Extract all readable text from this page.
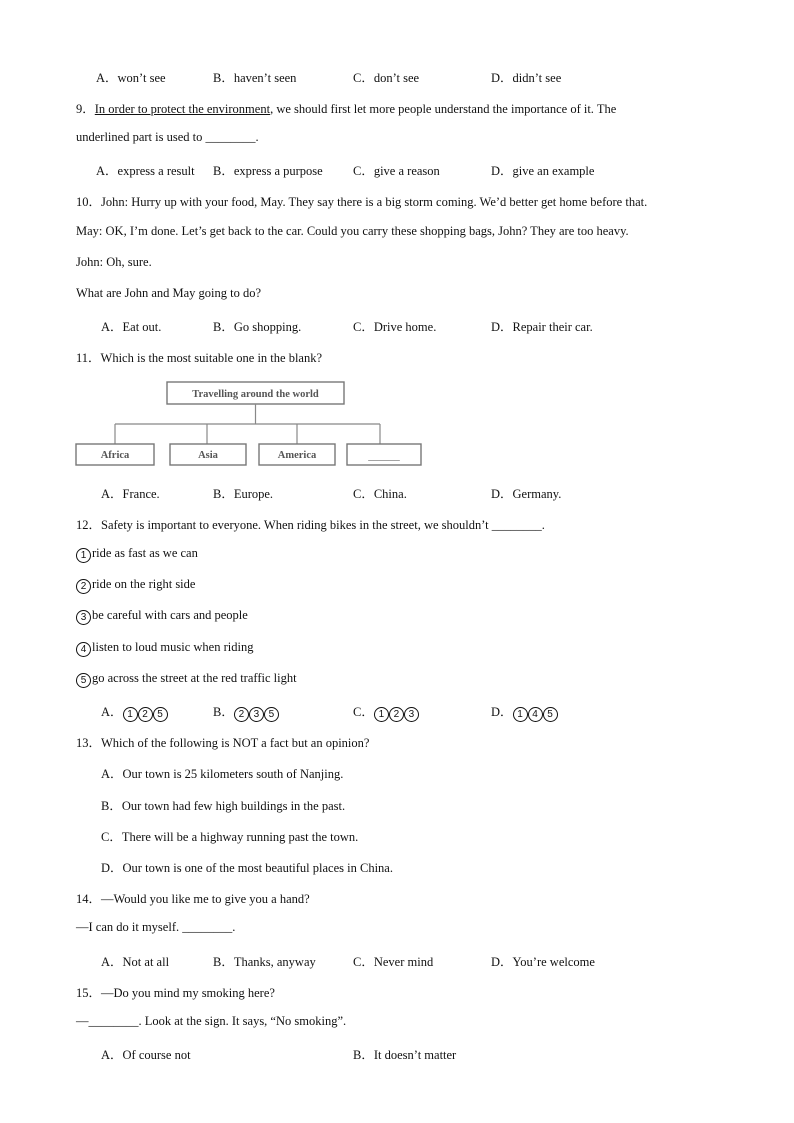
A．won’t see	B．haven’t seen	C．don’t see	D．didn’t see
9．In order to protect the environment, we should first let more people understand the importance of it. The
underlined part is used to ________.
A．express a result B．express a purpose C．give a reason	D．give an example
10．John: Hurry up with your food, May. They say there is a big storm coming. We’d better get home before that.
May: OK, I’m done. Let’s get back to the car. Could you carry these shopping bags, John? They are too heavy.
John: Oh, sure.
What are John and May going to do?
A．Eat out.	B．Go shopping.	C．Drive home.	D．Repair their car.
11．Which is the most suitable one in the blank?
Travelling around the world
Africa	Asia	America	______
A．France.	B．Europe.	C．China.	D．Germany.
12．Safety is important to everyone. When riding bikes in the street, we shouldn’t ________.
1 ride as fast as we can
2 ride on the right side
3 be careful with cars and people
4 listen to loud music when riding
5 go across the street at the red traffic light
A． 1 2 5	B． 2 3 5	C． 1 2 3	D． 1 4 5
13．Which of the following is NOT a fact but an opinion?
A．Our town is 25 kilometers south of Nanjing.
B．Our town had few high buildings in the past.
C．There will be a highway running past the town.
D．Our town is one of the most beautiful places in China.
14．—Would you like me to give you a hand?
—I can do it myself. ________.
A．Not at all	B．Thanks, anyway	C．Never mind	D．You’re welcome
15．—Do you mind my smoking here?
—________. Look at the sign. It says, “No smoking”.
A．Of course not	B．It doesn’t matter
